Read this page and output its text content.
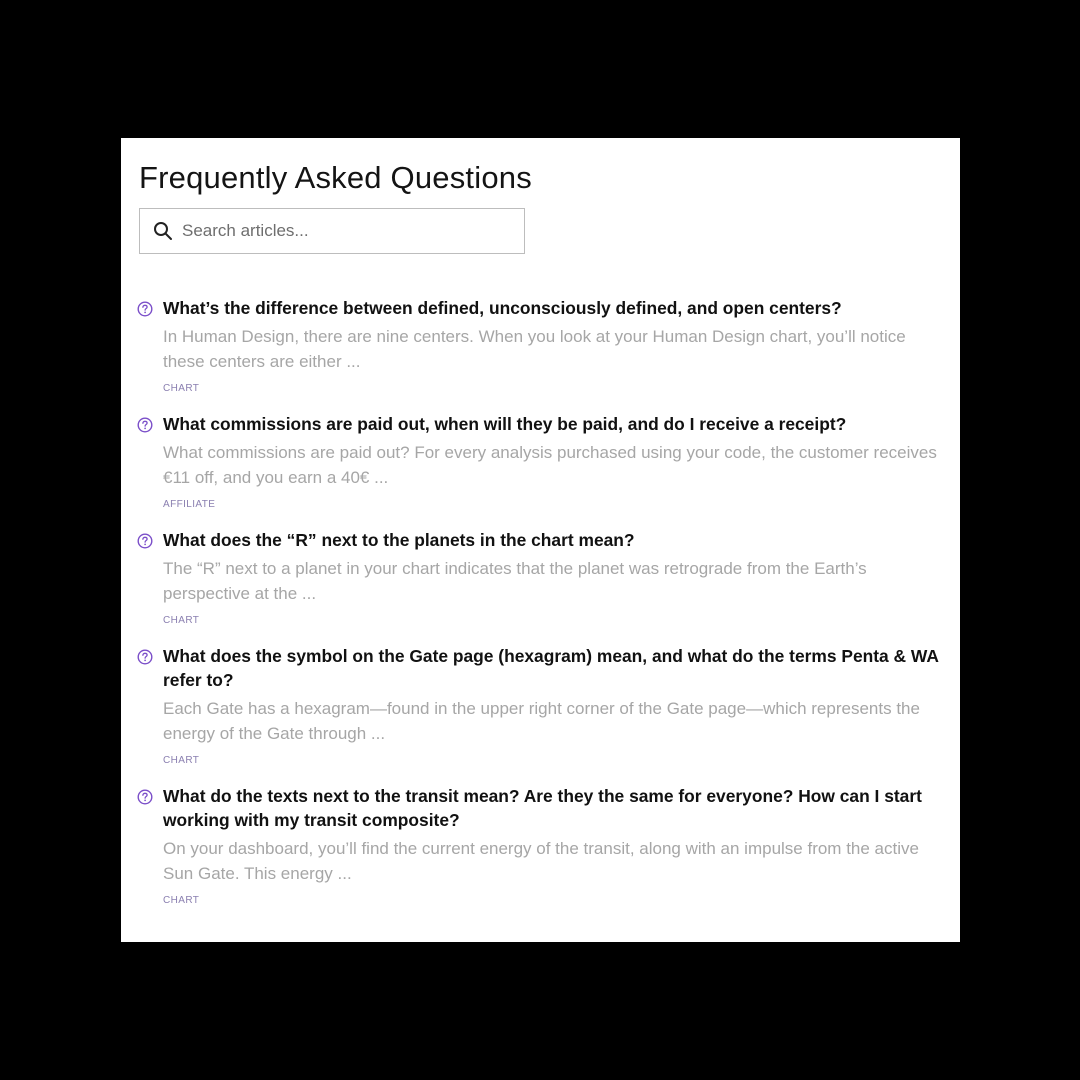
Frequently Asked Questions
Search articles...
What’s the difference between defined, unconsciously defined, and open centers?
In Human Design, there are nine centers. When you look at your Human Design chart, you’ll notice these centers are either ...
CHART
What commissions are paid out, when will they be paid, and do I receive a receipt?
What commissions are paid out? For every analysis purchased using your code, the customer receives €11 off, and you earn a 40€ ...
AFFILIATE
What does the “R” next to the planets in the chart mean?
The “R” next to a planet in your chart indicates that the planet was retrograde from the Earth’s perspective at the ...
CHART
What does the symbol on the Gate page (hexagram) mean, and what do the terms Penta & WA refer to?
Each Gate has a hexagram—found in the upper right corner of the Gate page—which represents the energy of the Gate through ...
CHART
What do the texts next to the transit mean? Are they the same for everyone? How can I start working with my transit composite?
On your dashboard, you’ll find the current energy of the transit, along with an impulse from the active Sun Gate. This energy ...
CHART
